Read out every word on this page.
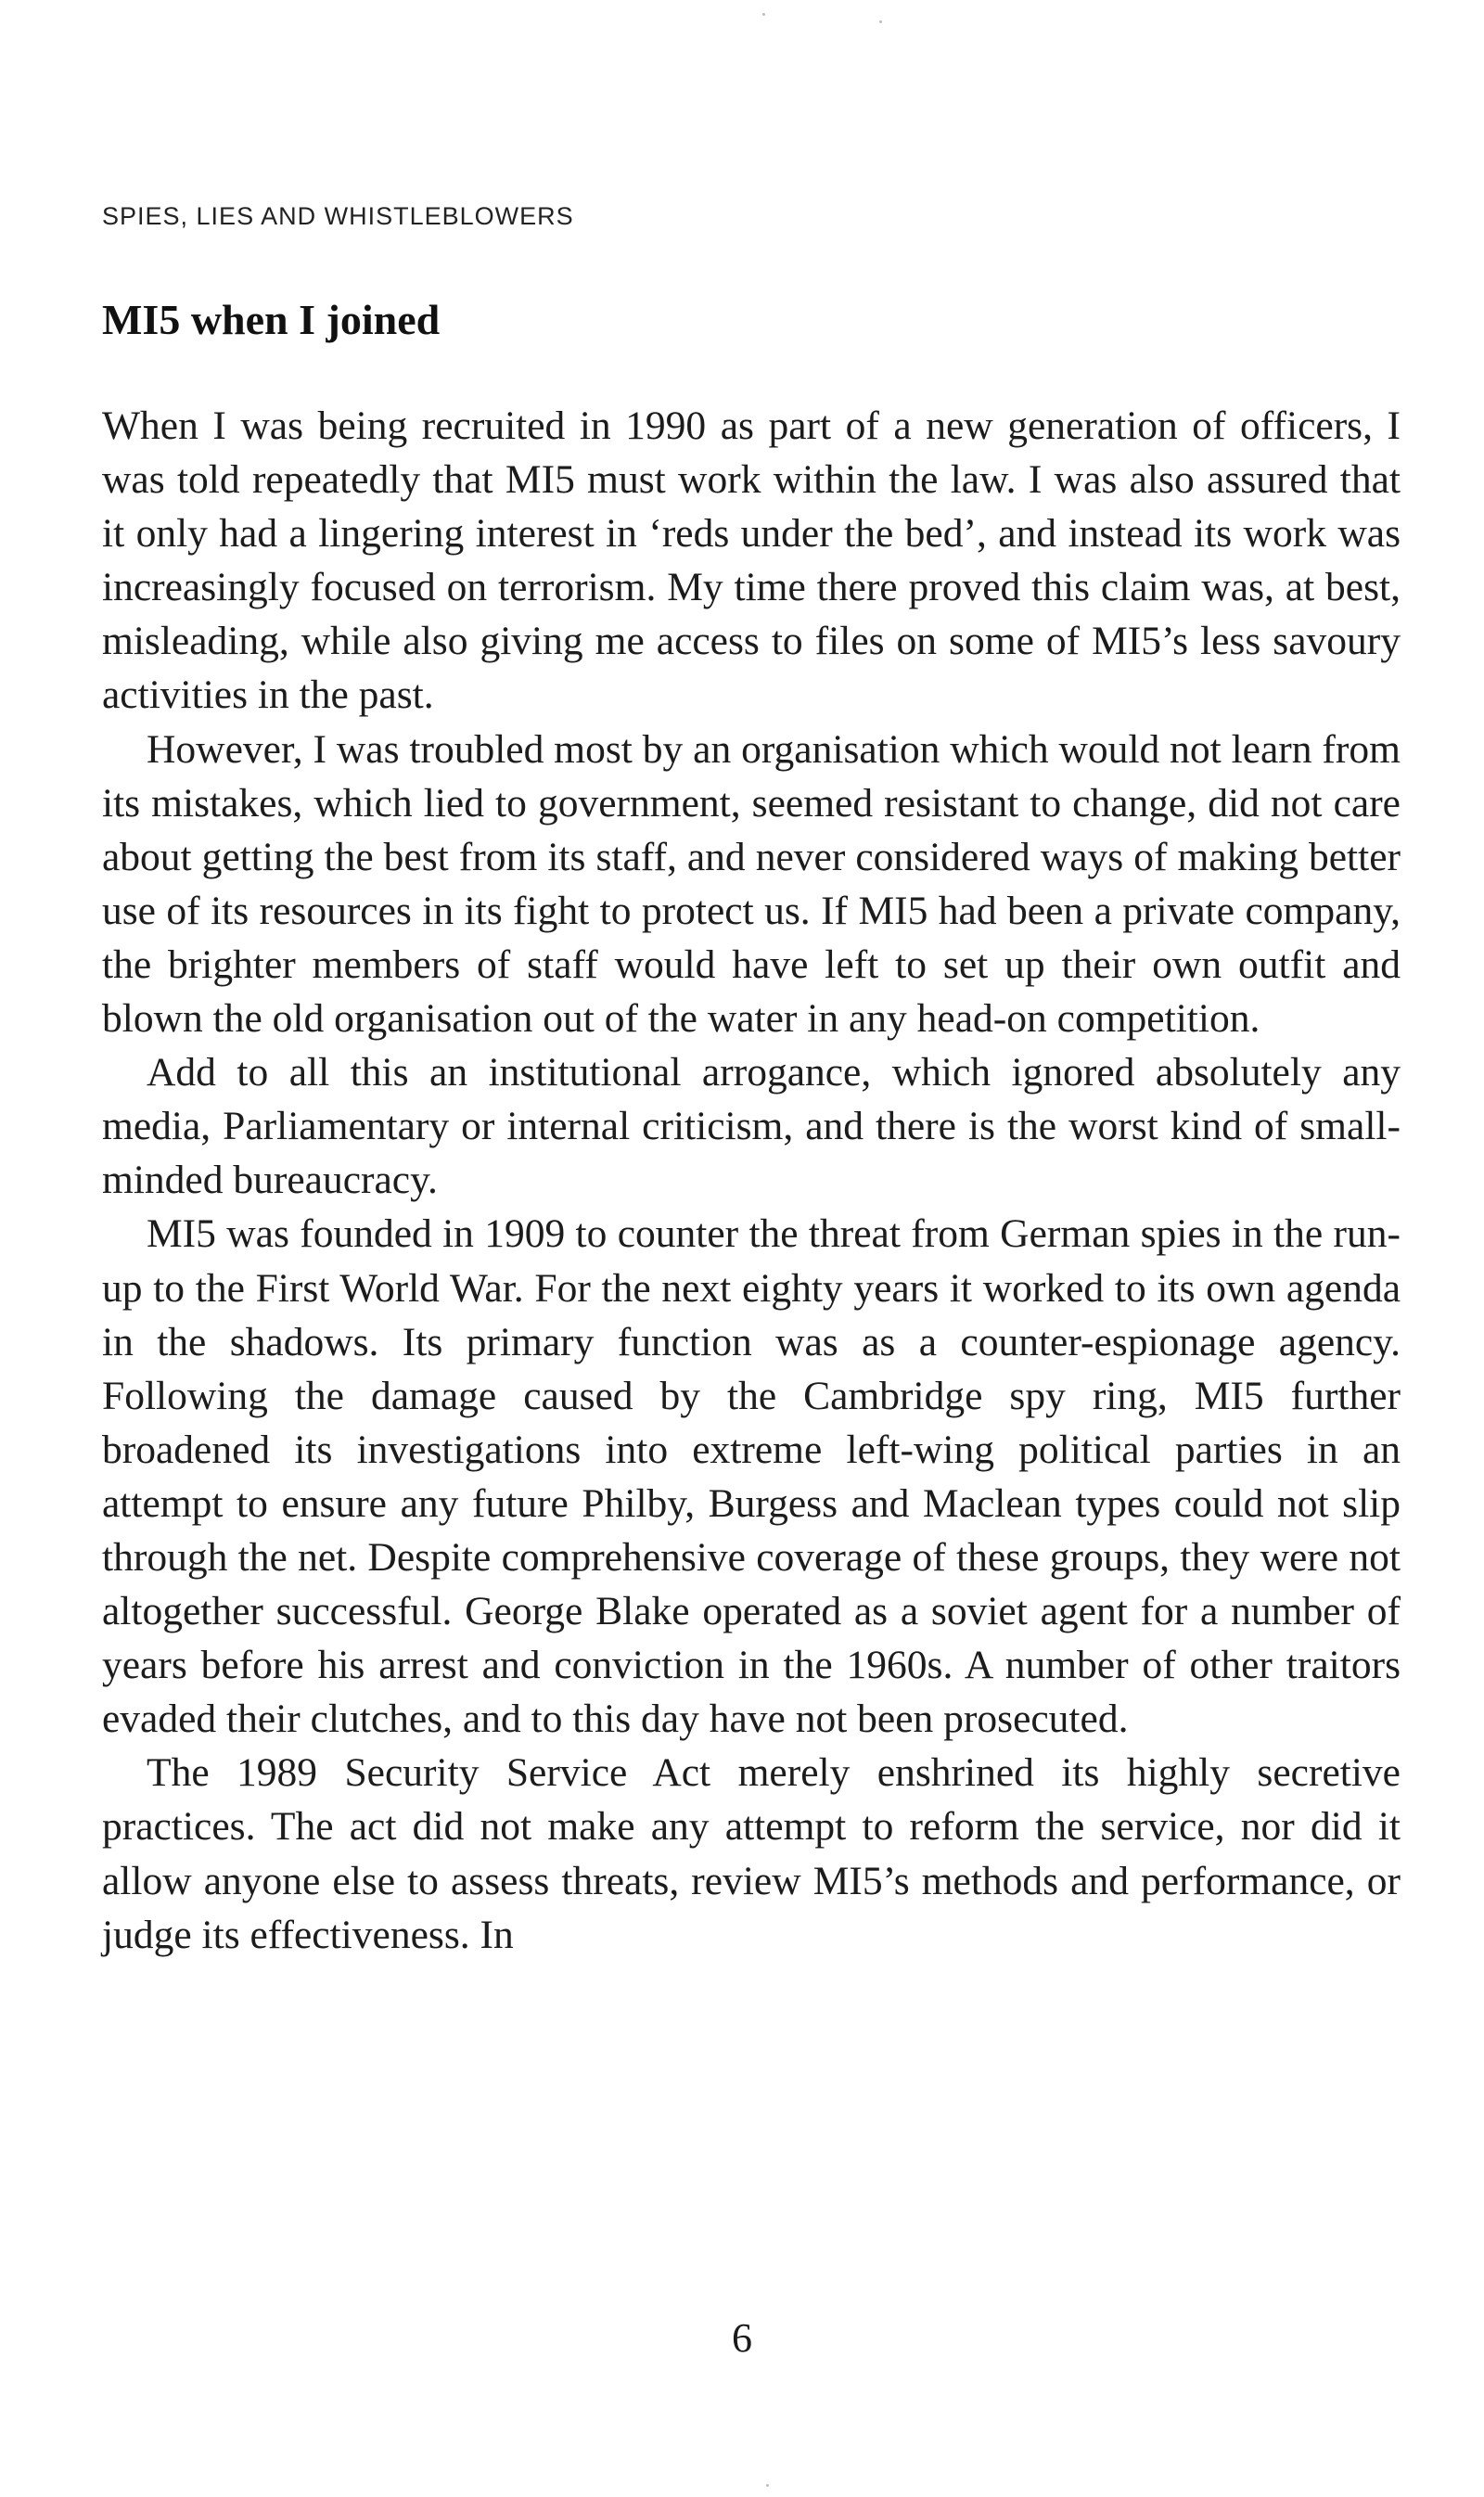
SPIES, LIES AND WHISTLEBLOWERS
MI5 when I joined

When I was being recruited in 1990 as part of a new generation of officers, I was told repeatedly that MI5 must work within the law. I was also assured that it only had a lingering interest in ‘reds under the bed’, and instead its work was increasingly focused on terrorism. My time there proved this claim was, at best, misleading, while also giving me access to files on some of MI5’s less savoury activities in the past.

However, I was troubled most by an organisation which would not learn from its mistakes, which lied to government, seemed resistant to change, did not care about getting the best from its staff, and never considered ways of making better use of its resources in its fight to protect us. If MI5 had been a private company, the brighter members of staff would have left to set up their own outfit and blown the old organisation out of the water in any head-on competition.

Add to all this an institutional arrogance, which ignored absolutely any media, Parliamentary or internal criticism, and there is the worst kind of small-minded bureaucracy.

MI5 was founded in 1909 to counter the threat from German spies in the run-up to the First World War. For the next eighty years it worked to its own agenda in the shadows. Its primary function was as a counter-espionage agency. Following the damage caused by the Cambridge spy ring, MI5 further broadened its investigations into extreme left-wing political parties in an attempt to ensure any future Philby, Burgess and Maclean types could not slip through the net. Despite comprehensive coverage of these groups, they were not altogether successful. George Blake operated as a soviet agent for a number of years before his arrest and conviction in the 1960s. A number of other traitors evaded their clutches, and to this day have not been prosecuted.

The 1989 Security Service Act merely enshrined its highly secretive practices. The act did not make any attempt to reform the service, nor did it allow anyone else to assess threats, review MI5’s methods and performance, or judge its effectiveness. In

6
